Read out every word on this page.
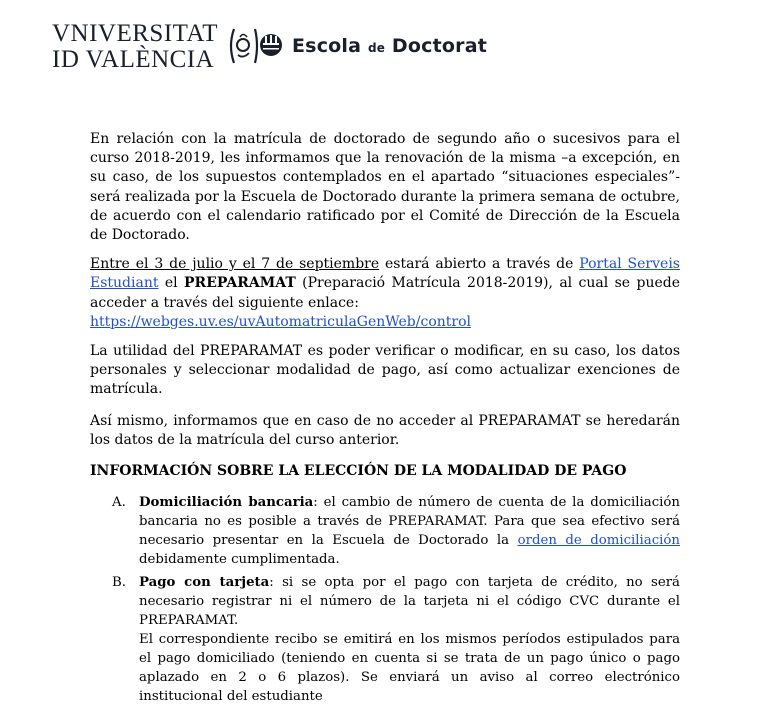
VNIVERSITAT
ID VALÈNCIA	Escola de Doctorat

En relación con la matrícula de doctorado de segundo año o sucesivos para el curso 2018-2019, les informamos que la renovación de la misma –a excepción, en su caso, de los supuestos contemplados en el apartado “situaciones especiales”- será realizada por la Escuela de Doctorado durante la primera semana de octubre, de acuerdo con el calendario ratificado por el Comité de Dirección de la Escuela de Doctorado.

Entre el 3 de julio y el 7 de septiembre estará abierto a través de Portal Serveis Estudiant el PREPARAMAT (Preparació Matrícula 2018-2019), al cual se puede acceder a través del siguiente enlace:
https://webges.uv.es/uvAutomatriculaGenWeb/control

La utilidad del PREPARAMAT es poder verificar o modificar, en su caso, los datos personales y seleccionar modalidad de pago, así como actualizar exenciones de matrícula.

Así mismo, informamos que en caso de no acceder al PREPARAMAT se heredarán los datos de la matrícula del curso anterior.

INFORMACIÓN SOBRE LA ELECCIÓN DE LA MODALIDAD DE PAGO

A. Domiciliación bancaria: el cambio de número de cuenta de la domiciliación bancaria no es posible a través de PREPARAMAT. Para que sea efectivo será necesario presentar en la Escuela de Doctorado la orden de domiciliación debidamente cumplimentada.

B. Pago con tarjeta: si se opta por el pago con tarjeta de crédito, no será necesario registrar ni el número de la tarjeta ni el código CVC durante el PREPARAMAT.

El correspondiente recibo se emitirá en los mismos períodos estipulados para el pago domiciliado (teniendo en cuenta si se trata de un pago único o pago aplazado en 2 o 6 plazos). Se enviará un aviso al correo electrónico institucional del estudiante
